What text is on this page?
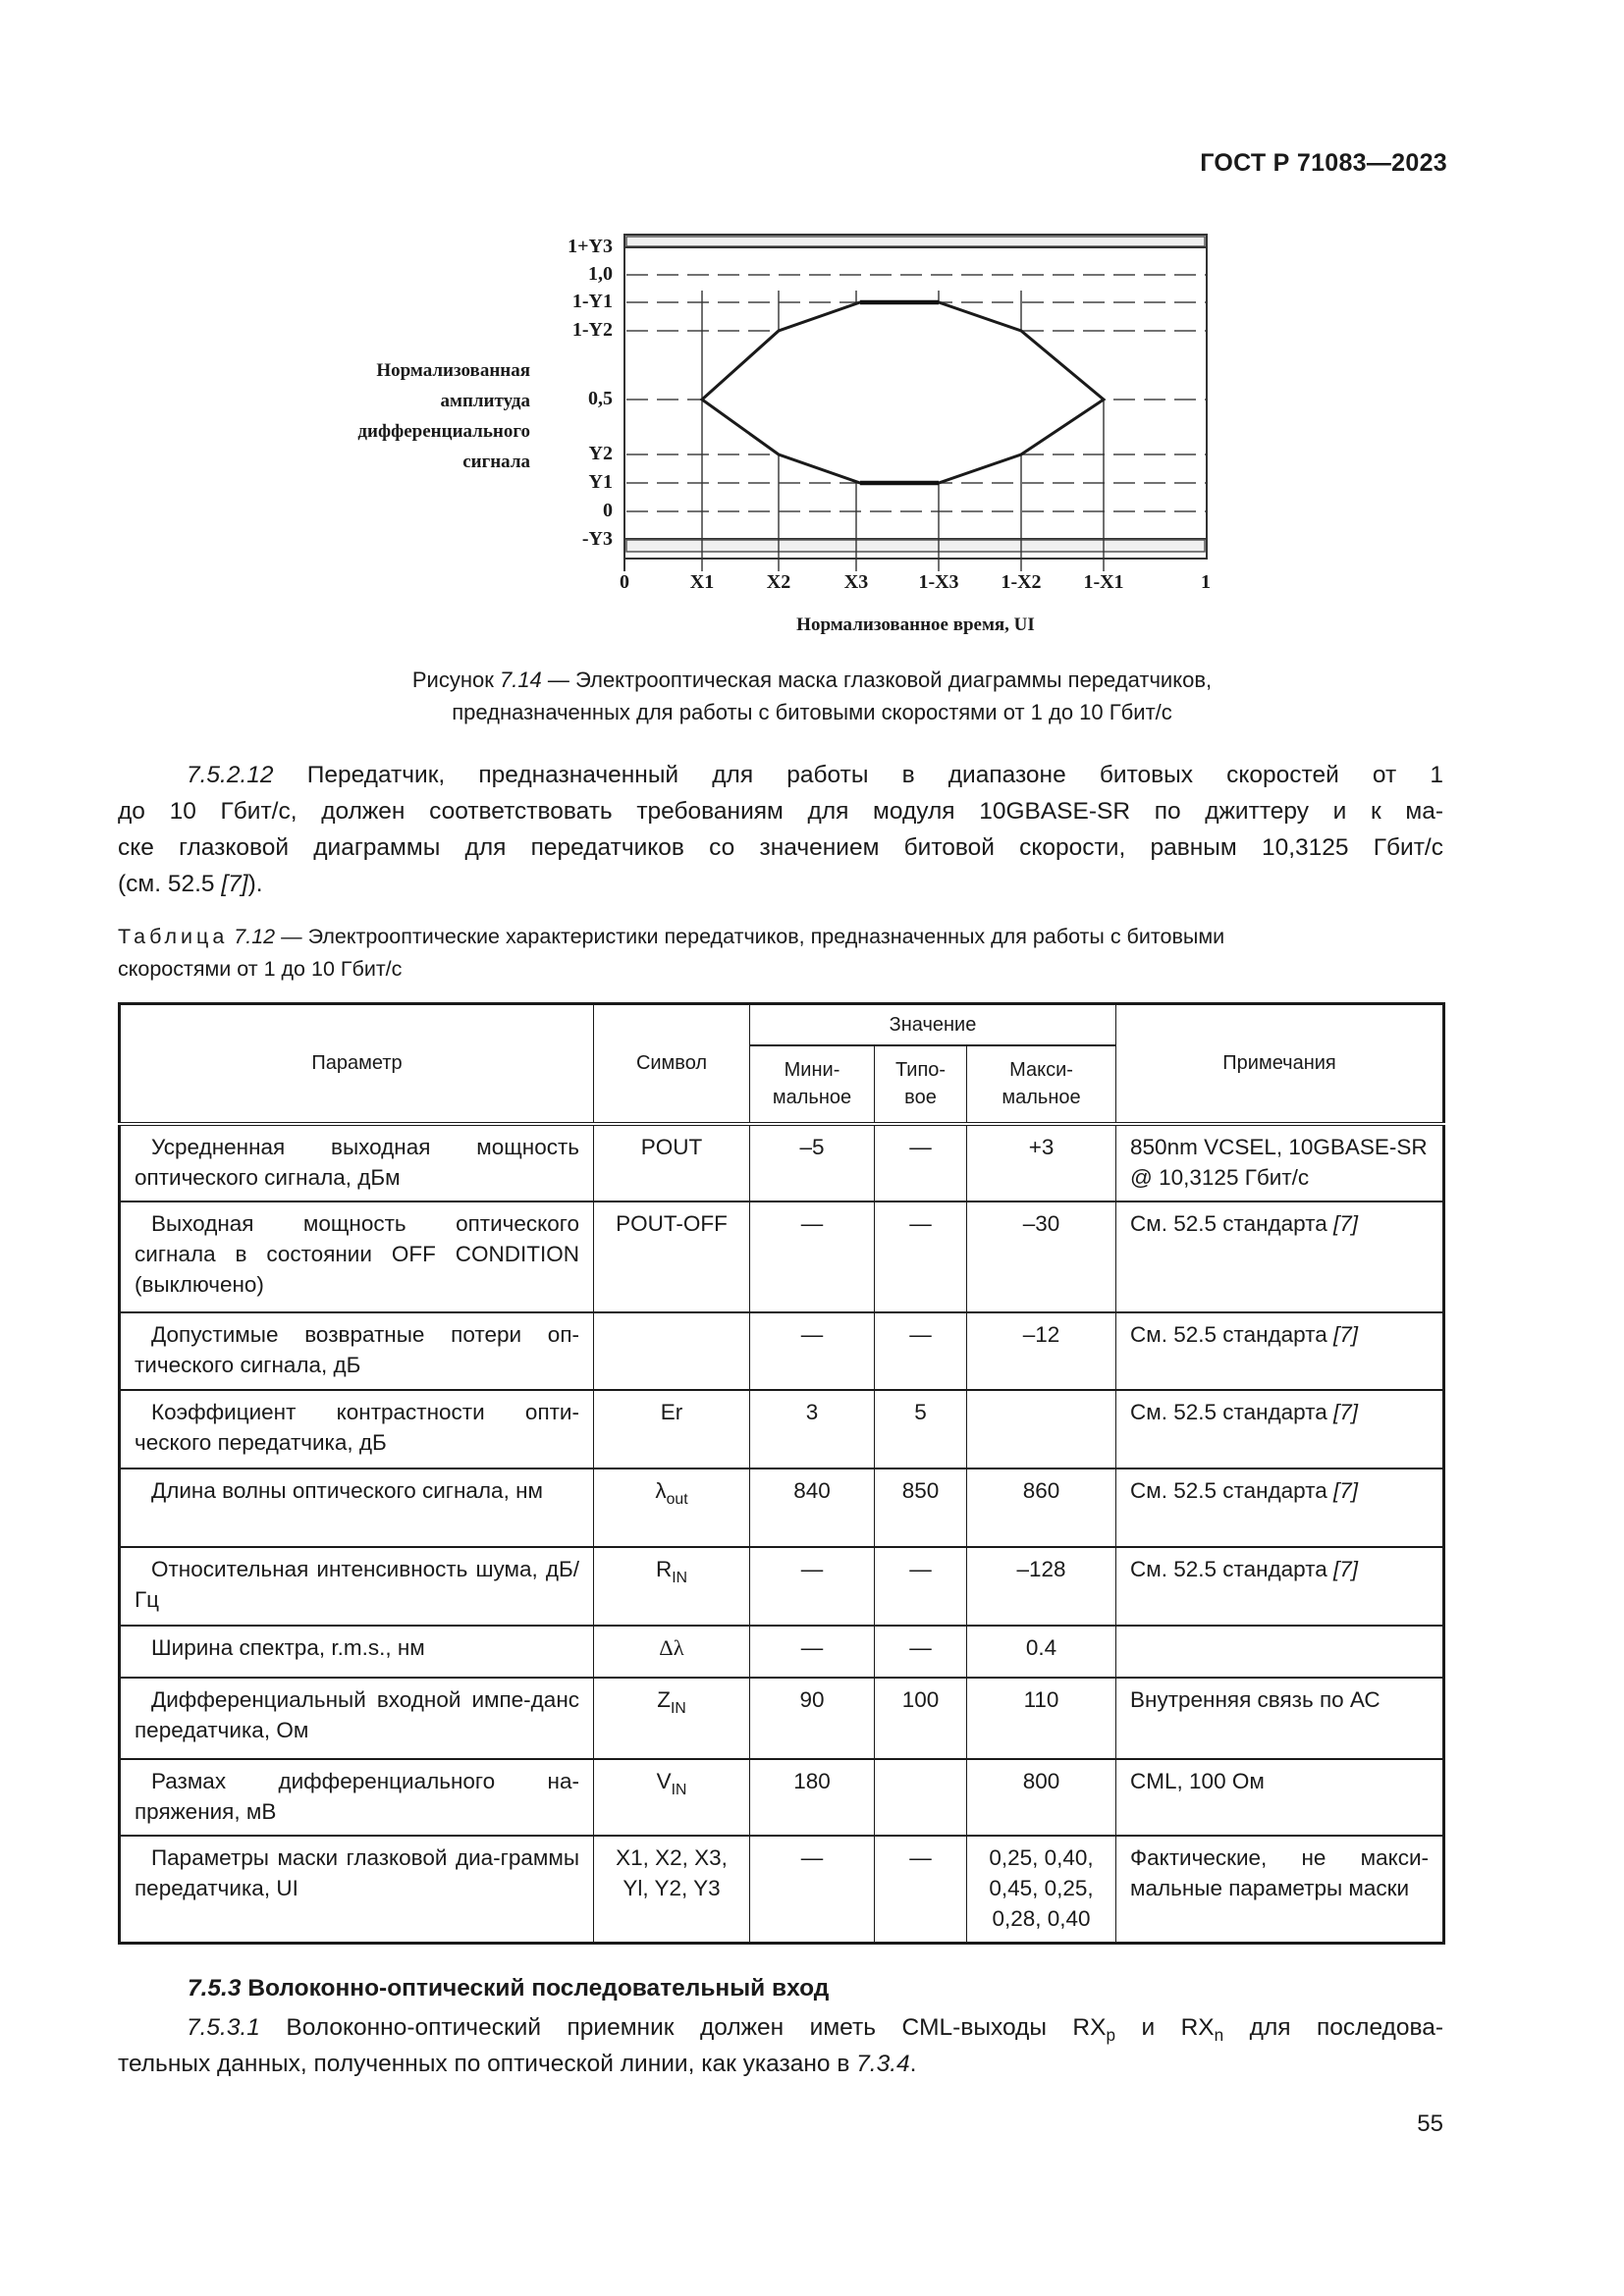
ГОСТ Р 71083—2023
1+Y3
1,0
1-Y1
1-Y2
0,5
Y2
Y1
0
-Y3
Нормализованная
амплитуда
дифференциального
сигнала
0	X1	X2	X3	1-X3	1-X2	1-X1	1
Нормализованное время, UI
Рисунок 7.14 — Электрооптическая маска глазковой диаграммы передатчиков,
предназначенных для работы с битовыми скоростями от 1 до 10 Гбит/с
7.5.2.12 Передатчик, предназначенный для работы в диапазоне битовых скоростей от 1
до 10 Гбит/с, должен соответствовать требованиям для модуля 10GBASE-SR по джиттеру и к ма-
ске глазковой диаграммы для передатчиков со значением битовой скорости, равным 10,3125 Гбит/с
(см. 52.5 [7]).
Таблица 7.12 — Электрооптические характеристики передатчиков, предназначенных для работы с битовыми
скоростями от 1 до 10 Гбит/с
Параметр	Символ	Значение			Примечания
		Мини-мальное	Типо-вое	Макси-мальное	
Усредненная выходная мощность оптического сигнала, дБм	POUT	–5	—	+3	850nm VCSEL, 10GBASE-SR @ 10,3125 Гбит/с
Выходная мощность оптического сигнала в состоянии OFF CONDITION (выключено)	POUT-OFF	—	—	–30	См. 52.5 стандарта [7]
Допустимые возвратные потери оп-тического сигнала, дБ		—	—	–12	См. 52.5 стандарта [7]
Коэффициент контрастности опти-ческого передатчика, дБ	Er	3	5		См. 52.5 стандарта [7]
Длина волны оптического сигнала, нм	$\lambda_{out}$	840	850	860	См. 52.5 стандарта [7]
Относительная интенсивность шума, дБ/Гц	$R_{IN}$	—	—	–128	См. 52.5 стандарта [7]
Ширина спектра, r.m.s., нм	Δλ	—	—	0.4	
Дифференциальный входной импе-данс передатчика, Ом	$Z_{IN}$	90	100	110	Внутренняя связь по АС
Размах дифференциального на-пряжения, мВ	$V_{IN}$	180		800	CML, 100 Ом
Параметры маски глазковой диа-граммы передатчика, UI	X1, X2, X3, Yl, Y2, Y3	—	—	0,25, 0,40, 0,45, 0,25, 0,28, 0,40	Фактические, не макси-мальные параметры маски
7.5.3 Волоконно-оптический последовательный вход
7.5.3.1 Волоконно-оптический приемник должен иметь CML-выходы $RX_p$ и $RX_n$ для последова-
тельных данных, полученных по оптической линии, как указано в 7.3.4.
55
